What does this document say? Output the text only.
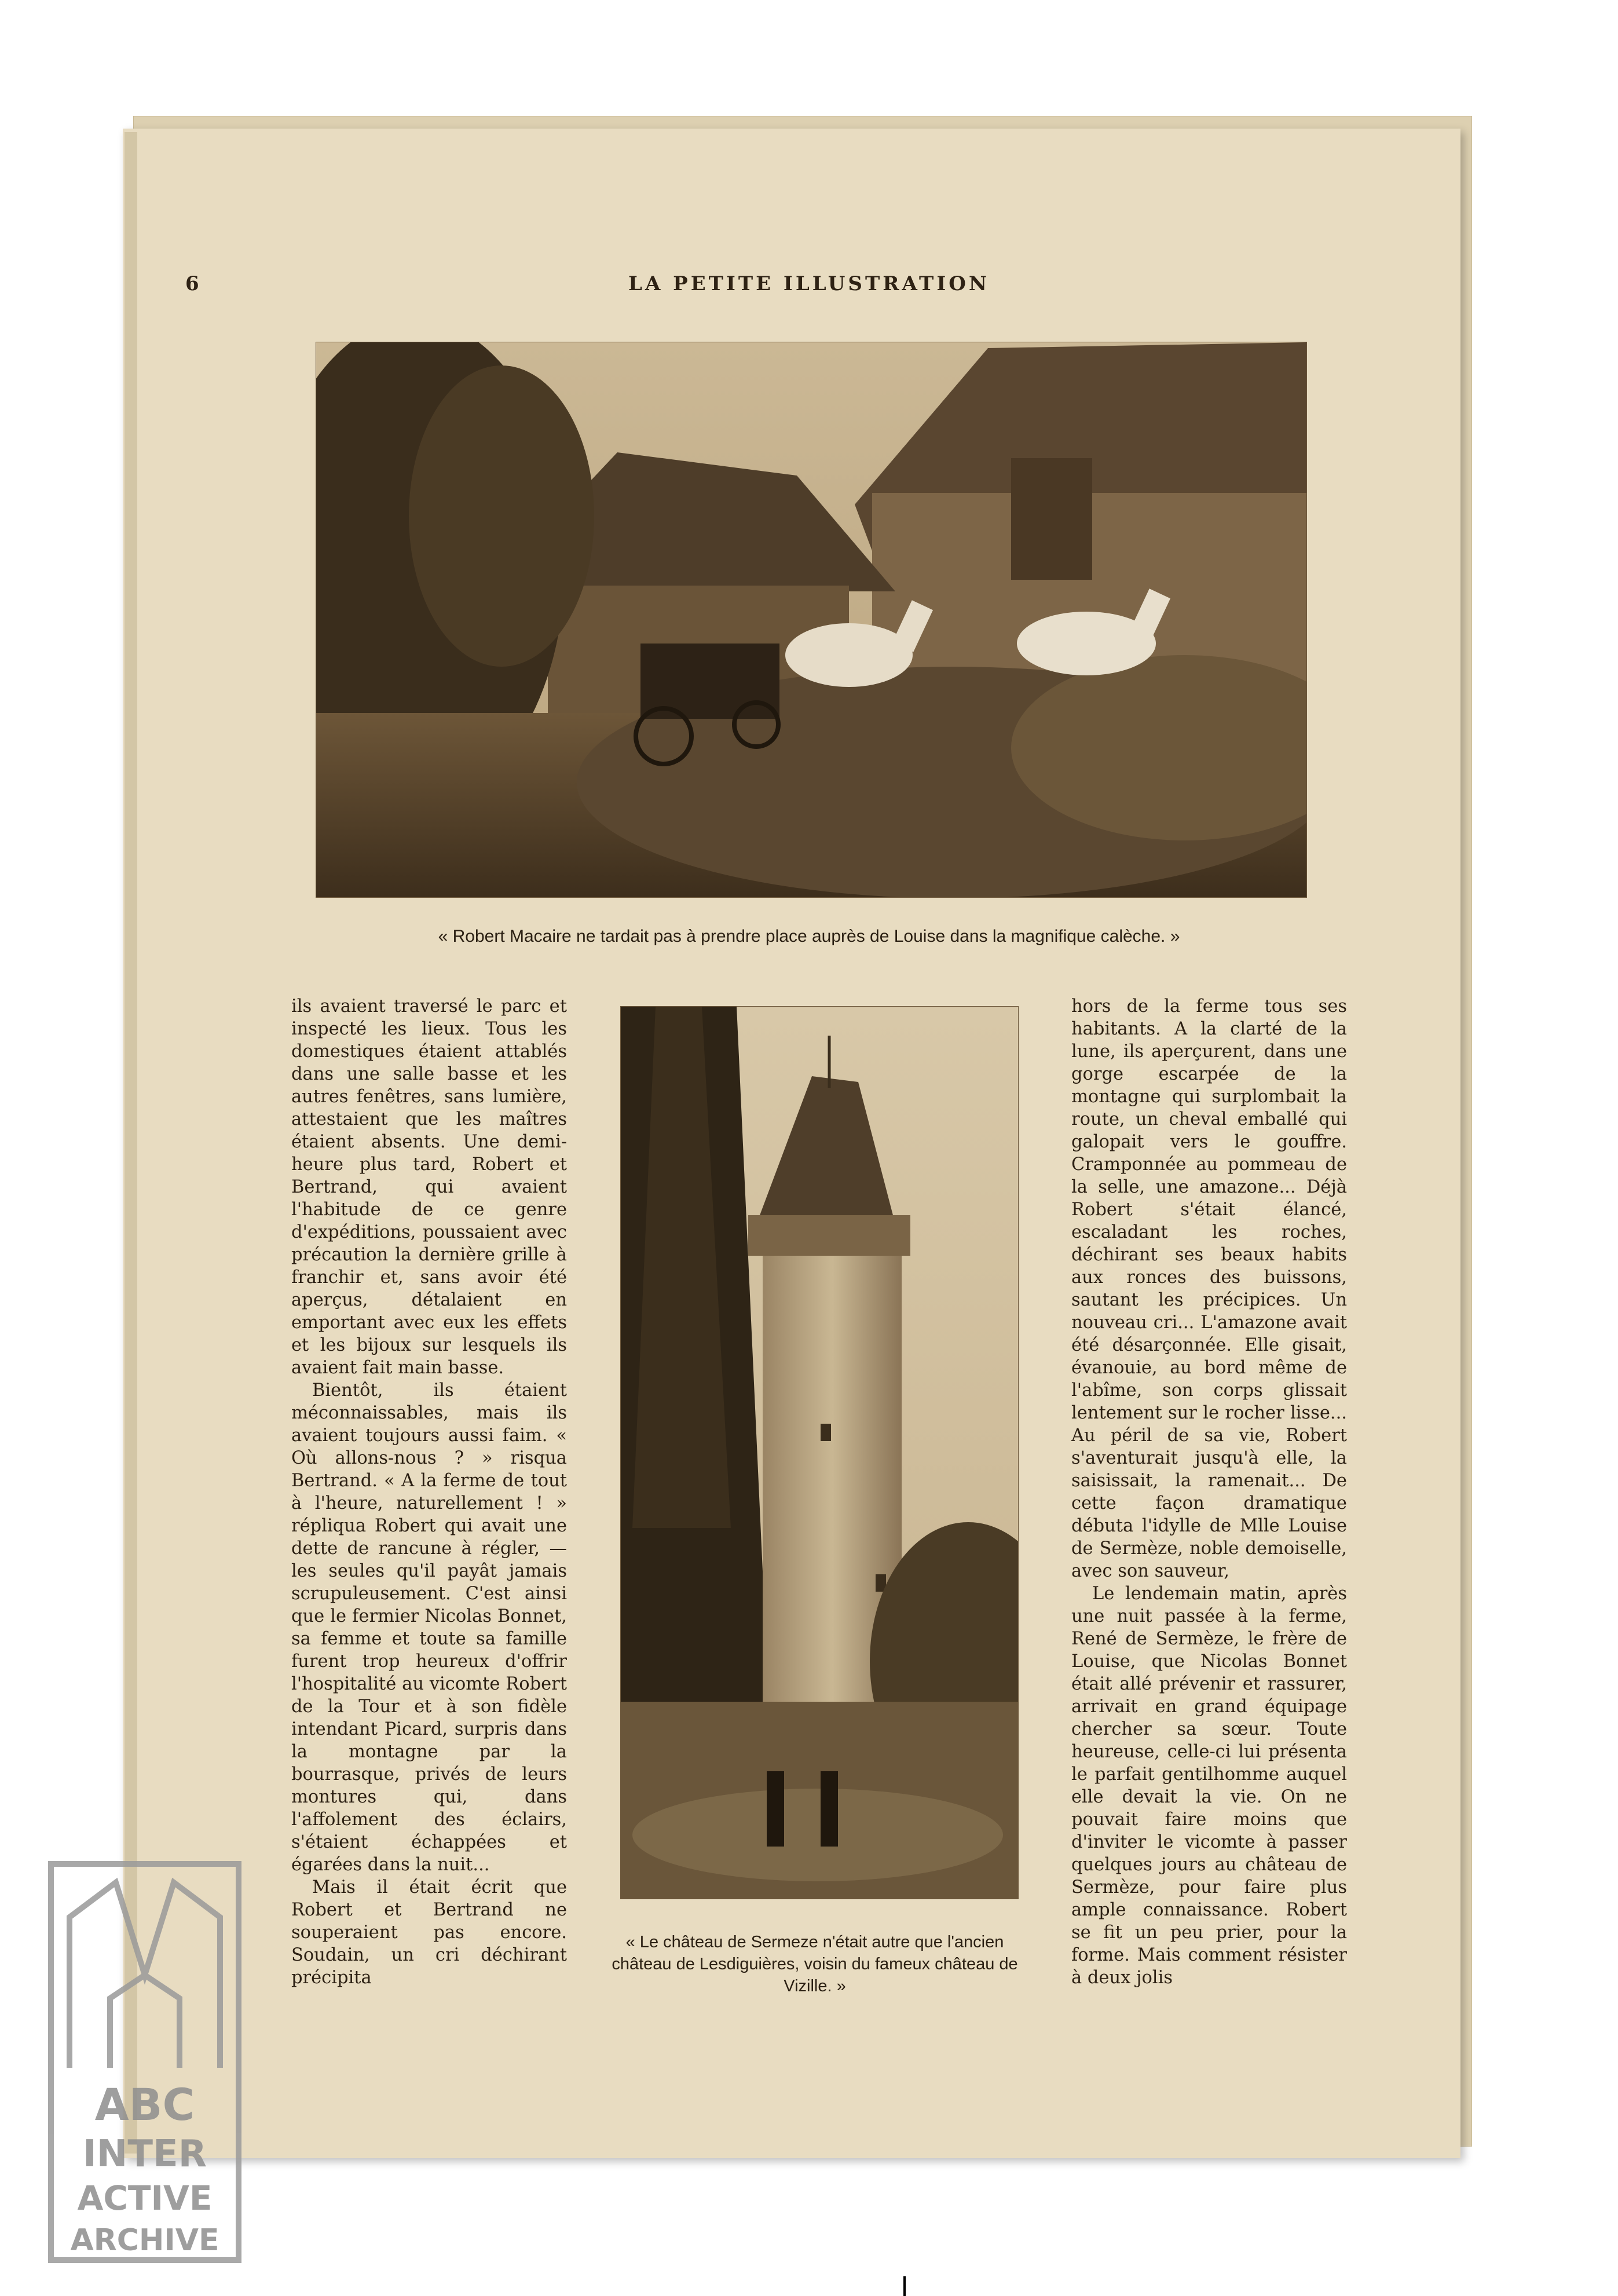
6	LA PETITE ILLUSTRATION
« Robert Macaire ne tardait pas à prendre place auprès de Louise dans la magnifique calèche. »
« Le château de Sermeze n'était autre que l'ancien château de Lesdiguières, voisin du fameux château de Vizille. »

ils avaient traversé le parc et inspecté les lieux. Tous les domestiques étaient attablés dans une salle basse et les autres fenêtres, sans lumière, attestaient que les maîtres étaient absents. Une demi-heure plus tard, Robert et Bertrand, qui avaient l'habitude de ce genre d'expéditions, poussaient avec précaution la dernière grille à franchir et, sans avoir été aperçus, détalaient en emportant avec eux les effets et les bijoux sur lesquels ils avaient fait main basse.

Bientôt, ils étaient méconnaissables, mais ils avaient toujours aussi faim. « Où allons-nous ? » risqua Bertrand. « A la ferme de tout à l'heure, naturellement ! » répliqua Robert qui avait une dette de rancune à régler, — les seules qu'il payât jamais scrupuleusement. C'est ainsi que le fermier Nicolas Bonnet, sa femme et toute sa famille furent trop heureux d'offrir l'hospitalité au vicomte Robert de la Tour et à son fidèle intendant Picard, surpris dans la montagne par la bourrasque, privés de leurs montures qui, dans l'affolement des éclairs, s'étaient échappées et égarées dans la nuit...

Mais il était écrit que Robert et Bertrand ne souperaient pas encore. Soudain, un cri déchirant précipita

hors de la ferme tous ses habitants. A la clarté de la lune, ils aperçurent, dans une gorge escarpée de la montagne qui surplombait la route, un cheval emballé qui galopait vers le gouffre. Cramponnée au pommeau de la selle, une amazone... Déjà Robert s'était élancé, escaladant les roches, déchirant ses beaux habits aux ronces des buissons, sautant les précipices. Un nouveau cri... L'amazone avait été désarçonnée. Elle gisait, évanouie, au bord même de l'abîme, son corps glissait lentement sur le rocher lisse... Au péril de sa vie, Robert s'aventurait jusqu'à elle, la saisissait, la ramenait... De cette façon dramatique débuta l'idylle de Mlle Louise de Sermèze, noble demoiselle, avec son sauveur,

Le lendemain matin, après une nuit passée à la ferme, René de Sermèze, le frère de Louise, que Nicolas Bonnet était allé prévenir et rassurer, arrivait en grand équipage chercher sa sœur. Toute heureuse, celle-ci lui présenta le parfait gentilhomme auquel elle devait la vie. On ne pouvait faire moins que d'inviter le vicomte à passer quelques jours au château de Sermèze, pour faire plus ample connaissance. Robert se fit un peu prier, pour la forme. Mais comment résister à deux jolis

ABC
INTER
ACTIVE
ARCHIVE
